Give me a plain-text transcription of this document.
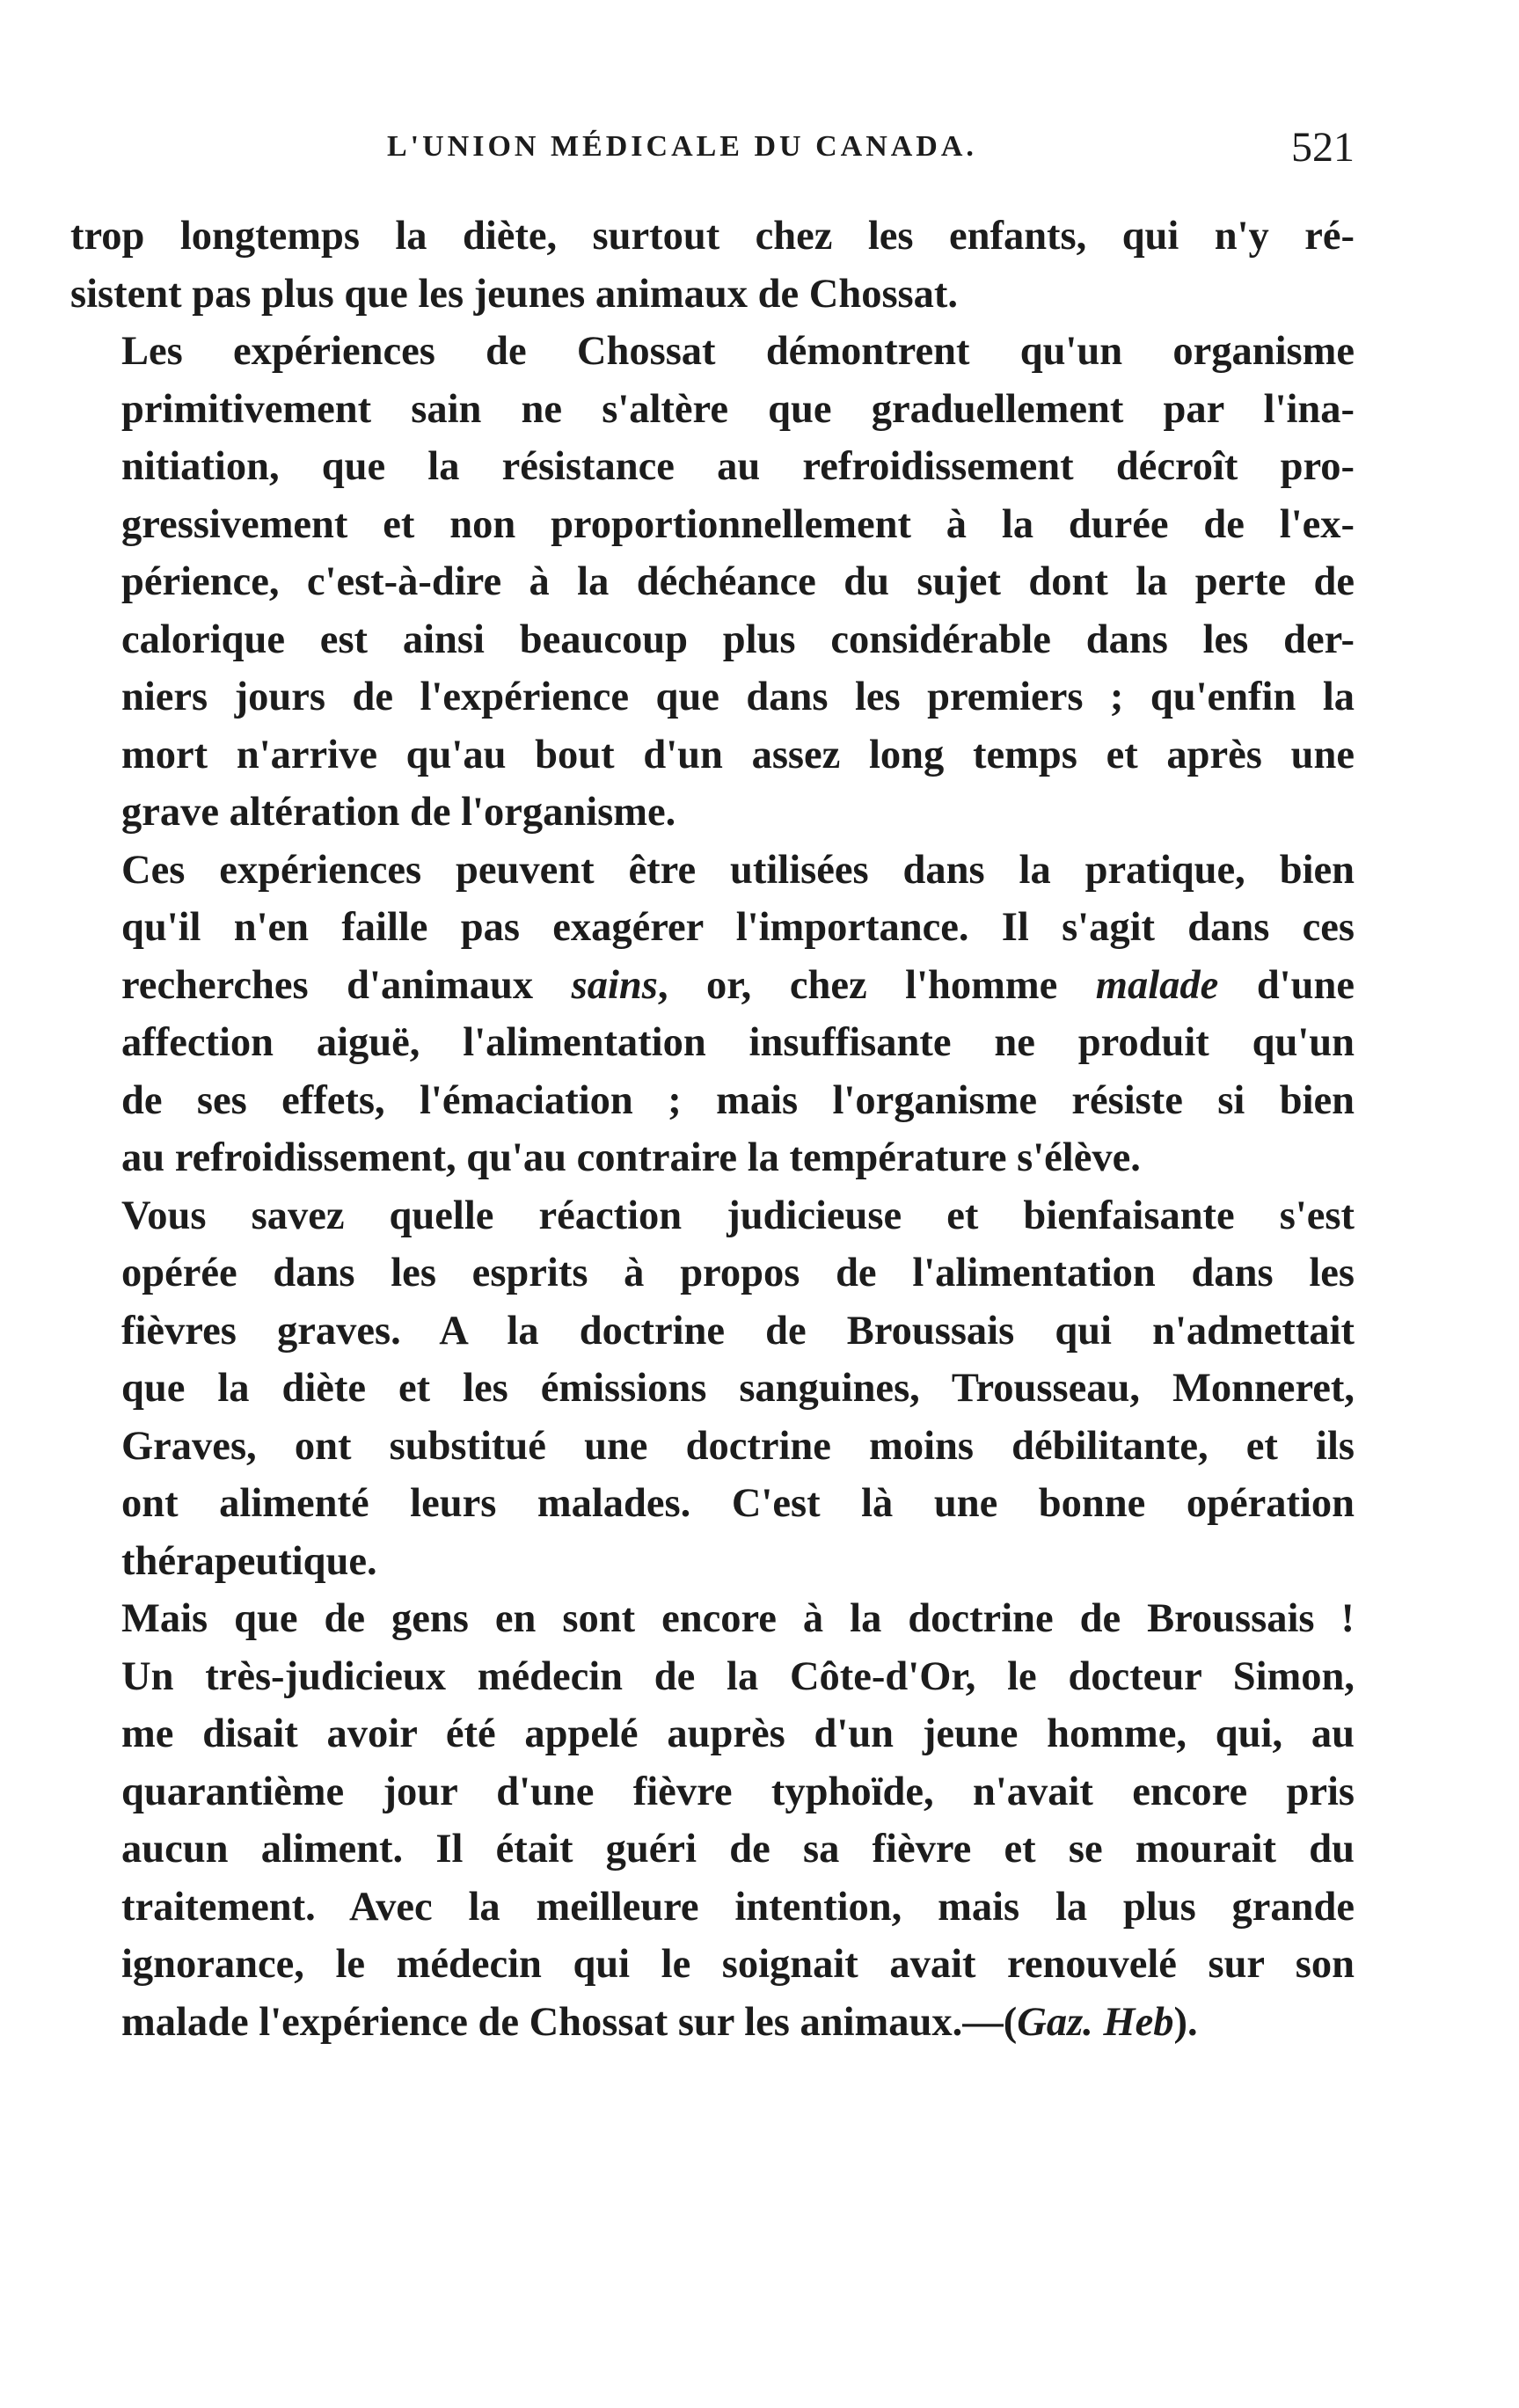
L'UNION MÉDICALE DU CANADA.	521

trop longtemps la diète, surtout chez les enfants, qui n'y ré-
sistent pas plus que les jeunes animaux de Chossat.

Les expériences de Chossat démontrent qu'un organisme
primitivement sain ne s'altère que graduellement par l'ina-
nitiation, que la résistance au refroidissement décroît pro-
gressivement et non proportionnellement à la durée de l'ex-
périence, c'est-à-dire à la déchéance du sujet dont la perte de
calorique est ainsi beaucoup plus considérable dans les der-
niers jours de l'expérience que dans les premiers ; qu'enfin la
mort n'arrive qu'au bout d'un assez long temps et après une
grave altération de l'organisme.

Ces expériences peuvent être utilisées dans la pratique, bien
qu'il n'en faille pas exagérer l'importance. Il s'agit dans ces
recherches d'animaux sains, or, chez l'homme malade d'une
affection aiguë, l'alimentation insuffisante ne produit qu'un
de ses effets, l'émaciation ; mais l'organisme résiste si bien
au refroidissement, qu'au contraire la température s'élève.

Vous savez quelle réaction judicieuse et bienfaisante s'est
opérée dans les esprits à propos de l'alimentation dans les
fièvres graves. A la doctrine de Broussais qui n'admettait
que la diète et les émissions sanguines, Trousseau, Monneret,
Graves, ont substitué une doctrine moins débilitante, et ils
ont alimenté leurs malades. C'est là une bonne opération
thérapeutique.

Mais que de gens en sont encore à la doctrine de Broussais !
Un très-judicieux médecin de la Côte-d'Or, le docteur Simon,
me disait avoir été appelé auprès d'un jeune homme, qui, au
quarantième jour d'une fièvre typhoïde, n'avait encore pris
aucun aliment. Il était guéri de sa fièvre et se mourait du
traitement. Avec la meilleure intention, mais la plus grande
ignorance, le médecin qui le soignait avait renouvelé sur son
malade l'expérience de Chossat sur les animaux.—(Gaz. Heb).
